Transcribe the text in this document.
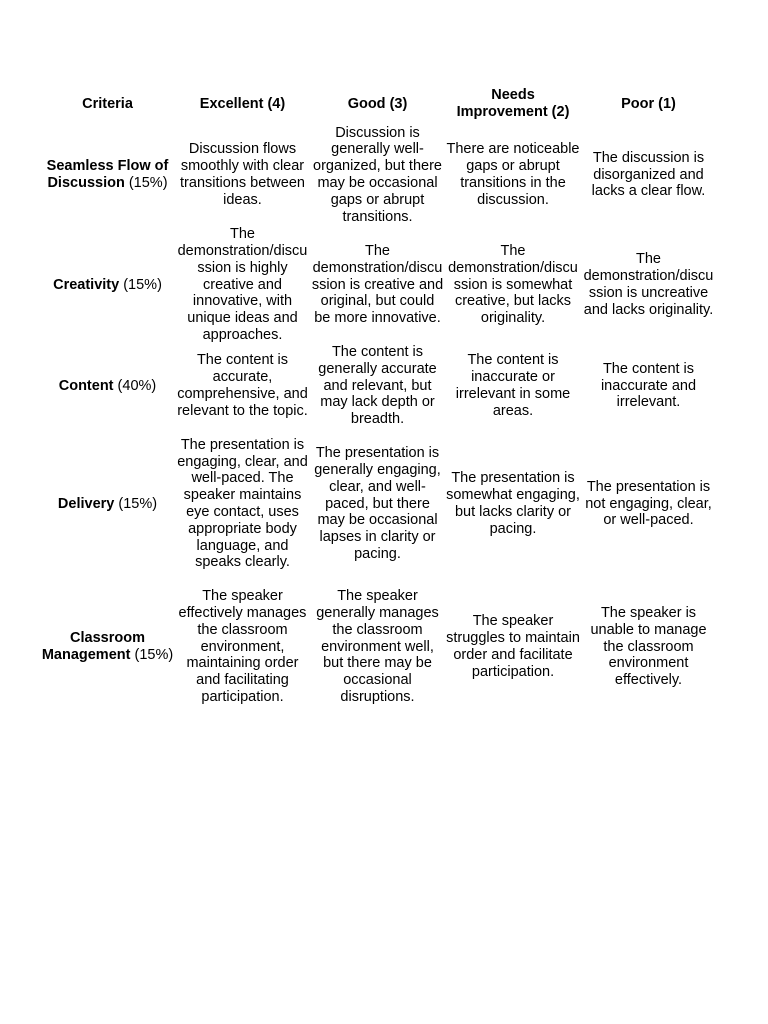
Criteria	Excellent (4)	Good (3)	Needs Improvement (2)	Poor (1)
Seamless Flow of Discussion (15%)	Discussion flows smoothly with clear transitions between ideas.	Discussion is generally well-organized, but there may be occasional gaps or abrupt transitions.	There are noticeable gaps or abrupt transitions in the discussion.	The discussion is disorganized and lacks a clear flow.
Creativity (15%)	The demonstration/discussion is highly creative and innovative, with unique ideas and approaches.	The demonstration/discussion is creative and original, but could be more innovative.	The demonstration/discussion is somewhat creative, but lacks originality.	The demonstration/discussion is uncreative and lacks originality.
Content (40%)	The content is accurate, comprehensive, and relevant to the topic.	The content is generally accurate and relevant, but may lack depth or breadth.	The content is inaccurate or irrelevant in some areas.	The content is inaccurate and irrelevant.
Delivery (15%)	The presentation is engaging, clear, and well-paced. The speaker maintains eye contact, uses appropriate body language, and speaks clearly.	The presentation is generally engaging, clear, and well-paced, but there may be occasional lapses in clarity or pacing.	The presentation is somewhat engaging, but lacks clarity or pacing.	The presentation is not engaging, clear, or well-paced.
Classroom Management (15%)	The speaker effectively manages the classroom environment, maintaining order and facilitating participation.	The speaker generally manages the classroom environment well, but there may be occasional disruptions.	The speaker struggles to maintain order and facilitate participation.	The speaker is unable to manage the classroom environment effectively.
